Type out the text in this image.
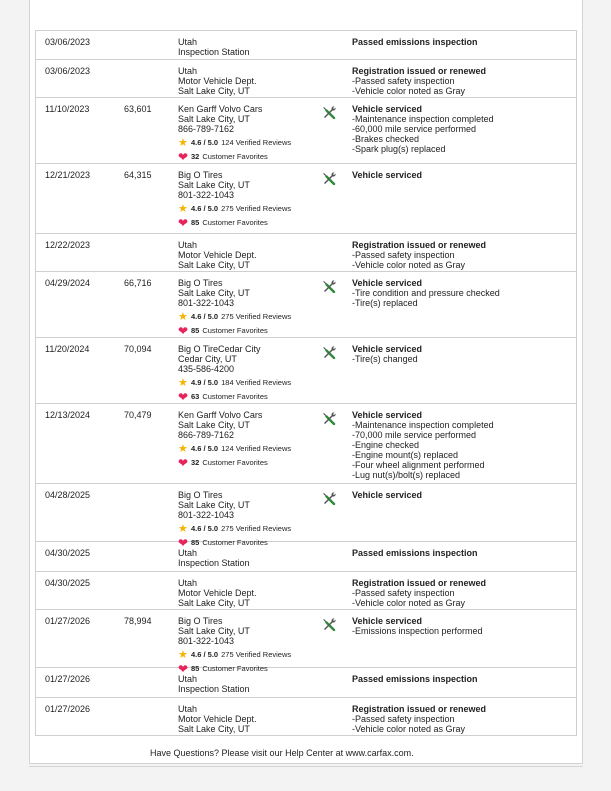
03/06/2023	Utah
Inspection Station
Passed emissions inspection
03/06/2023	Utah
Motor Vehicle Dept.
Salt Lake City, UT
Registration issued or renewed
-Passed safety inspection
-Vehicle color noted as Gray
11/10/2023	63,601	Ken Garff Volvo Cars
Salt Lake City, UT
866-789-7162
★ 4.6 / 5.0 124 Verified Reviews
❤ 32 Customer Favorites
Vehicle serviced
-Maintenance inspection completed
-60,000 mile service performed
-Brakes checked
-Spark plug(s) replaced
12/21/2023	64,315	Big O Tires
Salt Lake City, UT
801-322-1043
★ 4.6 / 5.0 275 Verified Reviews
❤ 85 Customer Favorites
Vehicle serviced
12/22/2023	Utah
Motor Vehicle Dept.
Salt Lake City, UT
Registration issued or renewed
-Passed safety inspection
-Vehicle color noted as Gray
04/29/2024	66,716	Big O Tires
Salt Lake City, UT
801-322-1043
★ 4.6 / 5.0 275 Verified Reviews
❤ 85 Customer Favorites
Vehicle serviced
-Tire condition and pressure checked
-Tire(s) replaced
11/20/2024	70,094	Big O TireCedar City
Cedar City, UT
435-586-4200
★ 4.9 / 5.0 184 Verified Reviews
❤ 63 Customer Favorites
Vehicle serviced
-Tire(s) changed
12/13/2024	70,479	Ken Garff Volvo Cars
Salt Lake City, UT
866-789-7162
★ 4.6 / 5.0 124 Verified Reviews
❤ 32 Customer Favorites
Vehicle serviced
-Maintenance inspection completed
-70,000 mile service performed
-Engine checked
-Engine mount(s) replaced
-Four wheel alignment performed
-Lug nut(s)/bolt(s) replaced
04/28/2025	Big O Tires
Salt Lake City, UT
801-322-1043
★ 4.6 / 5.0 275 Verified Reviews
❤ 85 Customer Favorites
Vehicle serviced
04/30/2025	Utah
Inspection Station
Passed emissions inspection
04/30/2025	Utah
Motor Vehicle Dept.
Salt Lake City, UT
Registration issued or renewed
-Passed safety inspection
-Vehicle color noted as Gray
01/27/2026	78,994	Big O Tires
Salt Lake City, UT
801-322-1043
★ 4.6 / 5.0 275 Verified Reviews
❤ 85 Customer Favorites
Vehicle serviced
-Emissions inspection performed
01/27/2026	Utah
Inspection Station
Passed emissions inspection
01/27/2026	Utah
Motor Vehicle Dept.
Salt Lake City, UT
Registration issued or renewed
-Passed safety inspection
-Vehicle color noted as Gray
Have Questions? Please visit our Help Center at www.carfax.com.
